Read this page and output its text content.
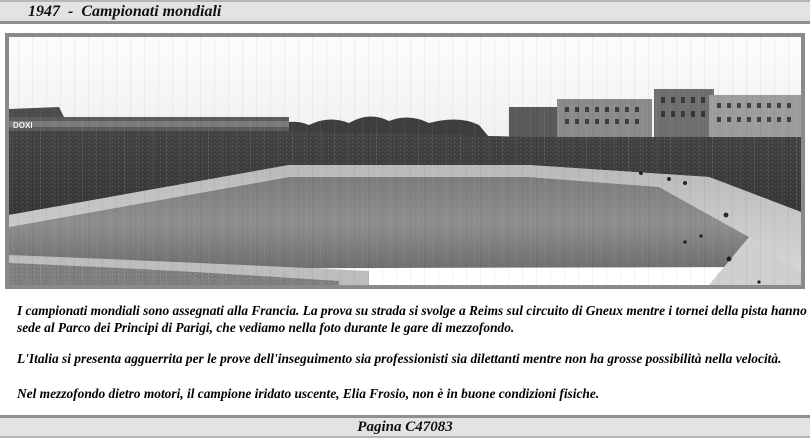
1947  -  Campionati mondiali

I campionati mondiali sono assegnati alla Francia. La prova su strada si svolge a Reims sul circuito di Gneux mentre i tornei della pista hanno sede al Parco dei Principi di Parigi, che vediamo nella foto durante le gare di mezzofondo.

L'Italia si presenta agguerrita per le prove dell'inseguimento sia professionisti sia dilettanti mentre non ha grosse possibilità nella velocità.

Nel mezzofondo dietro motori, il campione iridato uscente, Elia Frosio, non è in buone condizioni fisiche.

Pagina C47083
